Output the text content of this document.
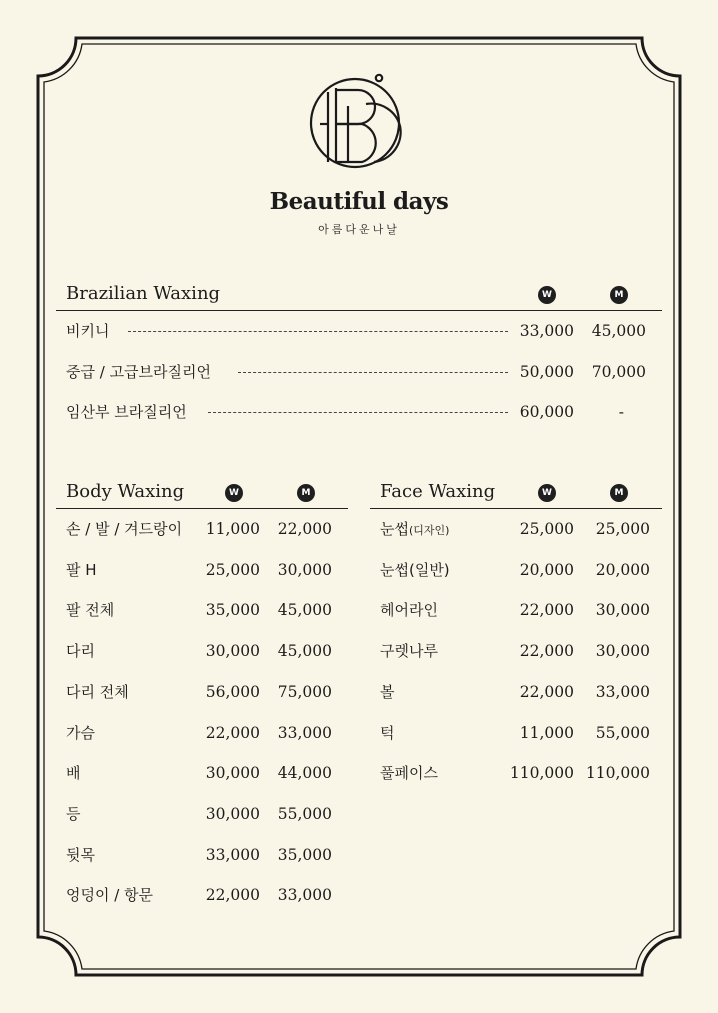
Beautiful days
아름다운나날
Brazilian Waxing	W	M
비키니	33,000 45,000
중급 / 고급브라질리언	50,000 70,000
임산부 브라질리언	60,000	-
Body Waxing	W	M
손 / 발 / 겨드랑이 11,000 22,000
팔 H	25,000 30,000
팔 전체	35,000 45,000
다리	30,000 45,000
다리 전체	56,000 75,000
가슴	22,000 33,000
배	30,000 44,000
등	30,000 55,000
뒷목	33,000 35,000
엉덩이 / 항문	22,000 33,000
Face Waxing	W	M
눈썹(디자인)	25,000 25,000
눈썹(일반)	20,000 20,000
헤어라인	22,000 30,000
구렛나루	22,000 30,000
볼	22,000 33,000
턱	11,000 55,000
풀페이스	110,000 110,000
